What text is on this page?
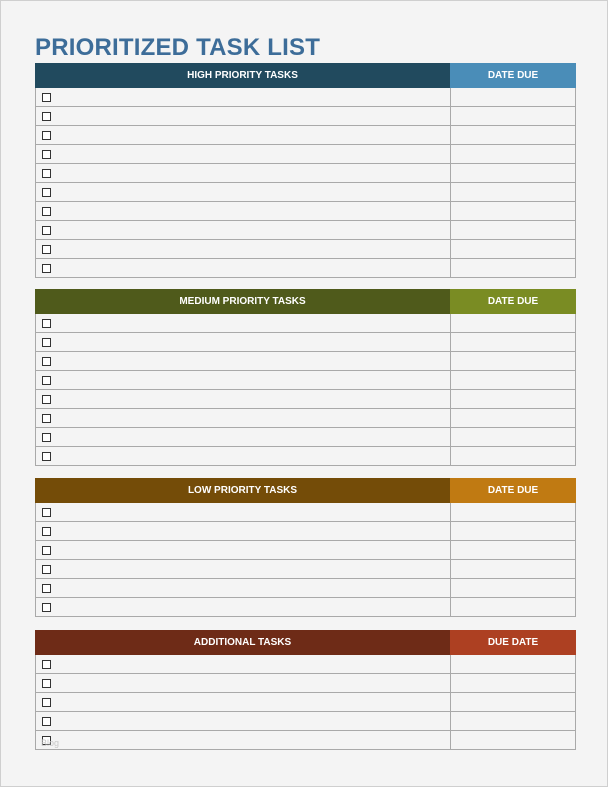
PRIORITIZED TASK LIST
HIGH PRIORITY TASKS	DATE DUE
MEDIUM PRIORITY TASKS	DATE DUE
LOW PRIORITY TASKS	DATE DUE
ADDITIONAL TASKS	DUE DATE
Blog
